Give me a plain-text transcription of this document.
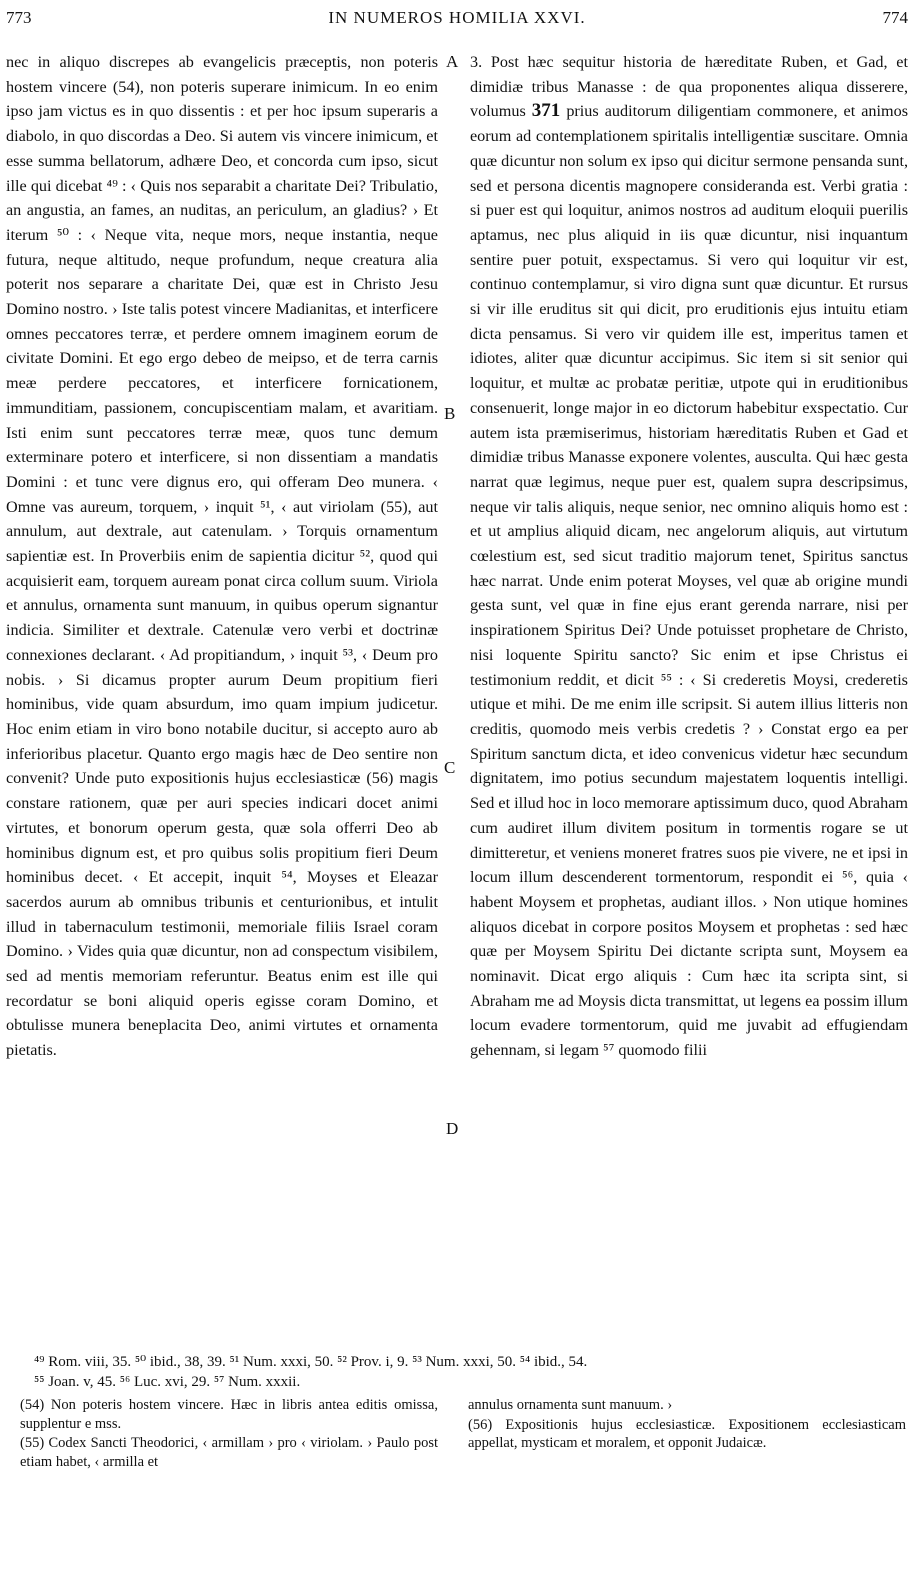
773	IN NUMEROS HOMILIA XXVI.	774

nec in aliquo discrepes ab evangelicis præceptis, non poteris hostem vincere (54), non poteris superare inimicum. In eo enim ipso jam victus es in quo dissentis : et per hoc ipsum superaris a diabolo, in quo discordas a Deo. Si autem vis vincere inimicum, et esse summa bellatorum, adhære Deo, et concorda cum ipso, sicut ille qui dicebat ⁴⁹ : ‹ Quis nos separabit a charitate Dei? Tribulatio, an angustia, an fames, an nuditas, an periculum, an gladius? › Et iterum ⁵⁰ : ‹ Neque vita, neque mors, neque instantia, neque futura, neque altitudo, neque profundum, neque creatura alia poterit nos separare a charitate Dei, quæ est in Christo Jesu Domino nostro. › Iste talis potest vincere Madianitas, et interficere omnes peccatores terræ, et perdere omnem imaginem eorum de civitate Domini. Et ego ergo debeo de meipso, et de terra carnis meæ perdere peccatores, et interficere fornicationem, immunditiam, passionem, concupiscentiam malam, et avaritiam. Isti enim sunt peccatores terræ meæ, quos tunc demum exterminare potero et interficere, si non dissentiam a mandatis Domini : et tunc vere dignus ero, qui offeram Deo munera. ‹ Omne vas aureum, torquem, › inquit ⁵¹, ‹ aut viriolam (55), aut annulum, aut dextrale, aut catenulam. › Torquis ornamentum sapientiæ est. In Proverbiis enim de sapientia dicitur ⁵², quod qui acquisierit eam, torquem auream ponat circa collum suum. Viriola et annulus, ornamenta sunt manuum, in quibus operum signantur indicia. Similiter et dextrale. Catenulæ vero verbi et doctrinæ connexiones declarant. ‹ Ad propitiandum, › inquit ⁵³, ‹ Deum pro nobis. › Si dicamus propter aurum Deum propitium fieri hominibus, vide quam absurdum, imo quam impium judicetur. Hoc enim etiam in viro bono notabile ducitur, si accepto auro ab inferioribus placetur. Quanto ergo magis hæc de Deo sentire non convenit? Unde puto expositionis hujus ecclesiasticæ (56) magis constare rationem, quæ per auri species indicari docet animi virtutes, et bonorum operum gesta, quæ sola offerri Deo ab hominibus dignum est, et pro quibus solis propitium fieri Deum hominibus decet. ‹ Et accepit, inquit ⁵⁴, Moyses et Eleazar sacerdos aurum ab omnibus tribunis et centurionibus, et intulit illud in tabernaculum testimonii, memoriale filiis Israel coram Domino. › Vides quia quæ dicuntur, non ad conspectum visibilem, sed ad mentis memoriam referuntur. Beatus enim est ille qui recordatur se boni aliquid operis egisse coram Domino, et obtulisse munera beneplacita Deo, animi virtutes et ornamenta pietatis.

A
B
C
D

3. Post hæc sequitur historia de hæreditate Ruben, et Gad, et dimidiæ tribus Manasse : de qua proponentes aliqua disserere, volumus 371 prius auditorum diligentiam commonere, et animos eorum ad contemplationem spiritalis intelligentiæ suscitare. Omnia quæ dicuntur non solum ex ipso qui dicitur sermone pensanda sunt, sed et persona dicentis magnopere consideranda est. Verbi gratia : si puer est qui loquitur, animos nostros ad auditum eloquii puerilis aptamus, nec plus aliquid in iis quæ dicuntur, nisi inquantum sentire puer potuit, exspectamus. Si vero qui loquitur vir est, continuo contemplamur, si viro digna sunt quæ dicuntur. Et rursus si vir ille eruditus sit qui dicit, pro eruditionis ejus intuitu etiam dicta pensamus. Si vero vir quidem ille est, imperitus tamen et idiotes, aliter quæ dicuntur accipimus. Sic item si sit senior qui loquitur, et multæ ac probatæ peritiæ, utpote qui in eruditionibus consenuerit, longe major in eo dictorum habebitur exspectatio. Cur autem ista præmiserimus, historiam hæreditatis Ruben et Gad et dimidiæ tribus Manasse exponere volentes, ausculta. Qui hæc gesta narrat quæ legimus, neque puer est, qualem supra descripsimus, neque vir talis aliquis, neque senior, nec omnino aliquis homo est : et ut amplius aliquid dicam, nec angelorum aliquis, aut virtutum cœlestium est, sed sicut traditio majorum tenet, Spiritus sanctus hæc narrat. Unde enim poterat Moyses, vel quæ ab origine mundi gesta sunt, vel quæ in fine ejus erant gerenda narrare, nisi per inspirationem Spiritus Dei? Unde potuisset prophetare de Christo, nisi loquente Spiritu sancto? Sic enim et ipse Christus ei testimonium reddit, et dicit ⁵⁵ : ‹ Si crederetis Moysi, crederetis utique et mihi. De me enim ille scripsit. Si autem illius litteris non creditis, quomodo meis verbis credetis ? › Constat ergo ea per Spiritum sanctum dicta, et ideo convenicus videtur hæc secundum dignitatem, imo potius secundum majestatem loquentis intelligi. Sed et illud hoc in loco memorare aptissimum duco, quod Abraham cum audiret illum divitem positum in tormentis rogare se ut dimitteretur, et veniens moneret fratres suos pie vivere, ne et ipsi in locum illum descenderent tormentorum, respondit ei ⁵⁶, quia ‹ habent Moysem et prophetas, audiant illos. › Non utique homines aliquos dicebat in corpore positos Moysem et prophetas : sed hæc quæ per Moysem Spiritu Dei dictante scripta sunt, Moysem ea nominavit. Dicat ergo aliquis : Cum hæc ita scripta sint, si Abraham me ad Moysis dicta transmittat, ut legens ea possim illum locum evadere tormentorum, quid me juvabit ad effugiendam gehennam, si legam ⁵⁷ quomodo filii

⁴⁹ Rom. viii, 35. ⁵⁰ ibid., 38, 39. ⁵¹ Num. xxxi, 50. ⁵² Prov. i, 9. ⁵³ Num. xxxi, 50. ⁵⁴ ibid., 54.
⁵⁵ Joan. v, 45. ⁵⁶ Luc. xvi, 29. ⁵⁷ Num. xxxii.

(54) Non poteris hostem vincere. Hæc in libris antea editis omissa, supplentur e mss.

(55) Codex Sancti Theodorici, ‹ armillam › pro ‹ viriolam. › Paulo post etiam habet, ‹ armilla et

annulus ornamenta sunt manuum. ›

(56) Expositionis hujus ecclesiasticæ. Expositionem ecclesiasticam appellat, mysticam et moralem, et opponit Judaicæ.
